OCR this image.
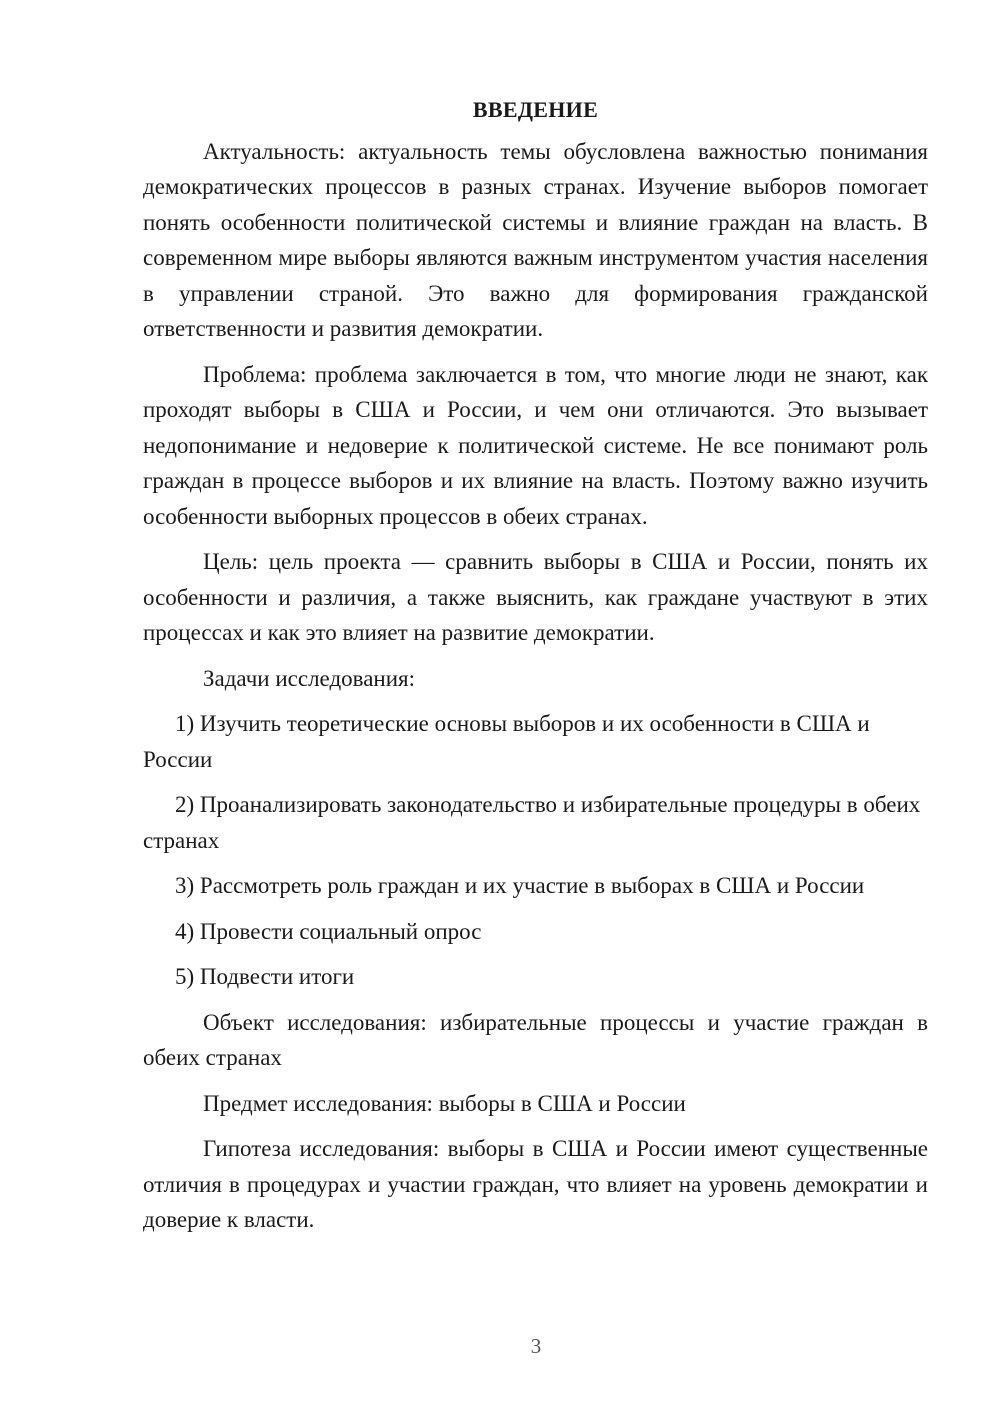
ВВЕДЕНИЕ

Актуальность: актуальность темы обусловлена важностью понимания демократических процессов в разных странах. Изучение выборов помогает понять особенности политической системы и влияние граждан на власть. В современном мире выборы являются важным инструментом участия населения в управлении страной. Это важно для формирования гражданской ответственности и развития демократии.

Проблема: проблема заключается в том, что многие люди не знают, как проходят выборы в США и России, и чем они отличаются. Это вызывает недопонимание и недоверие к политической системе. Не все понимают роль граждан в процессе выборов и их влияние на власть. Поэтому важно изучить особенности выборных процессов в обеих странах.

Цель: цель проекта — сравнить выборы в США и России, понять их особенности и различия, а также выяснить, как граждане участвуют в этих процессах и как это влияет на развитие демократии.

Задачи исследования:

1) Изучить теоретические основы выборов и их особенности в США и России
2) Проанализировать законодательство и избирательные процедуры в обеих странах
3) Рассмотреть роль граждан и их участие в выборах в США и России
4) Провести социальный опрос
5) Подвести итоги

Объект исследования: избирательные процессы и участие граждан в обеих странах

Предмет исследования: выборы в США и России

Гипотеза исследования: выборы в США и России имеют существенные отличия в процедурах и участии граждан, что влияет на уровень демократии и доверие к власти.

3
